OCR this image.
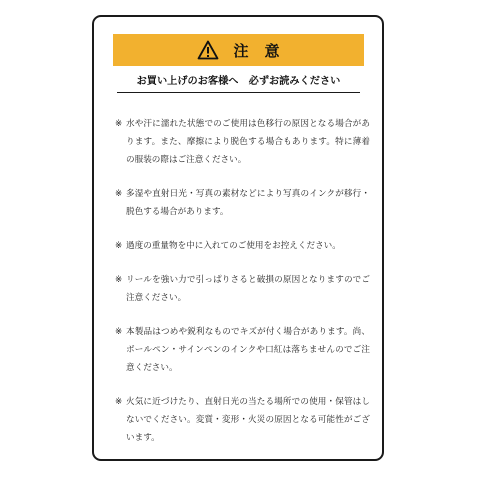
注意
お買い上げのお客様へ　必ずお読みください
※ 水や汗に濡れた状態でのご使用は色移行の原因となる場合があります。また、摩擦により脱色する場合もあります。特に薄着の服装の際はご注意ください。
※ 多湿や直射日光・写真の素材などにより写真のインクが移行・脱色する場合があります。
※ 過度の重量物を中に入れてのご使用をお控えください。
※ リールを強い力で引っぱりさると破損の原因となりますのでご注意ください。
※ 本製品はつめや鋭利なものでキズが付く場合があります。尚、ボールペン・サインペンのインクや口紅は落ちませんのでご注意ください。
※ 火気に近づけたり、直射日光の当たる場所での使用・保管はしないでください。変質・変形・火災の原因となる可能性がございます。
